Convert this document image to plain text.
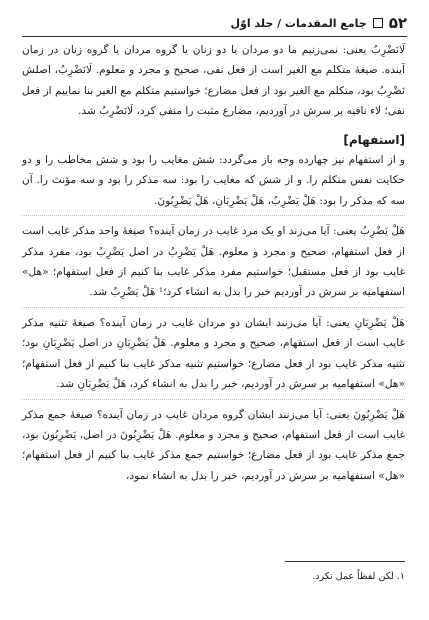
۵۲
جامع المقدمات / جلد اوّل

لَانَضْرِبُ یعنی: نمی‌زنیم ما دو مردان یا دو زنان یا گروه مردان یا گروه زنان در زمان آینده. صیغهٔ متکلم مع الغیر است از فعل نفی، صحیح و مجرد و معلوم. لَانَضْرِبُ، اصلش نَضْرِبُ بود، متکلم مع الغیر بود از فعل مضارع؛ خواستیم متکلم مع الغیر بنا نماییم از فعل نفی؛ لاء نافیه بر سرش در آوردیم، مضارع مثبت را منفی کرد، لَانَضْرِبُ شد.

[استفهام]

و از استفهام نیز چهارده وجه باز می‌گردد: شش مغایب را بود و شش مخاطب را و دو حکایت نفس متکلم را. و از شش که مغایب را بود: سه مذکر را بود و سه مؤنث را. آن سه که مذکر را بود: هَلْ یَضْرِبُ، هَلْ یَضْرِبَانِ، هَلْ یَضْرِبُونَ.

هَلْ یَضْرِبُ یعنی: آیا می‌زند او یک مرد غایب در زمان آینده؟ صیغهٔ واحد مذکر غایب است از فعل استفهام، صحیح و مجرد و معلوم. هَلْ یَضْرِبُ در اصل یَضْرِبُ بود، مفرد مذکر غایب بود از فعل مستقبل؛ خواستیم مفرد مذکر غایب بنا کنیم از فعل استفهام؛ «هل» استفهامیه بر سرش در آوردیم خبر را بدل به انشاء کرد؛¹ هَلْ یَضْرِبُ شد.

هَلْ یَضْرِبَانِ یعنی: آیا می‌زنند ایشان دو مردان غایب در زمان آینده؟ صیغهٔ تثنیه مذکر غایب است از فعل استفهام، صحیح و مجرد و معلوم. هَلْ یَضْرِبَانِ در اصل یَضْرِبَانِ بود؛ تثنیه مذکر غایب بود از فعل مضارع؛ خواستیم تثنیه مذکر غایب بنا کنیم از فعل استفهام؛ «هل» استفهامیه بر سرش در آوردیم، خبر را بدل به انشاء کرد، هَلْ یَضْرِبَانِ شد.

هَلْ یَضْرِبُونَ یعنی: آیا می‌زنند ایشان گروه مردان غایب در زمان آینده؟ صیغهٔ جمع مذکر غایب است از فعل استفهام، صحیح و مجرد و معلوم. هَلْ یَضْرِبُونَ در اصل، یَضْرِبُونَ بود، جمع مذکر غایب بود از فعل مضارع؛ خواستیم جمع مذکر غایب بنا کنیم از فعل استفهام؛ «هل» استفهامیه بر سرش در آوردیم، خبر را بدل به انشاء نمود،

۱. لکن لفظاً عمل نکرد.
